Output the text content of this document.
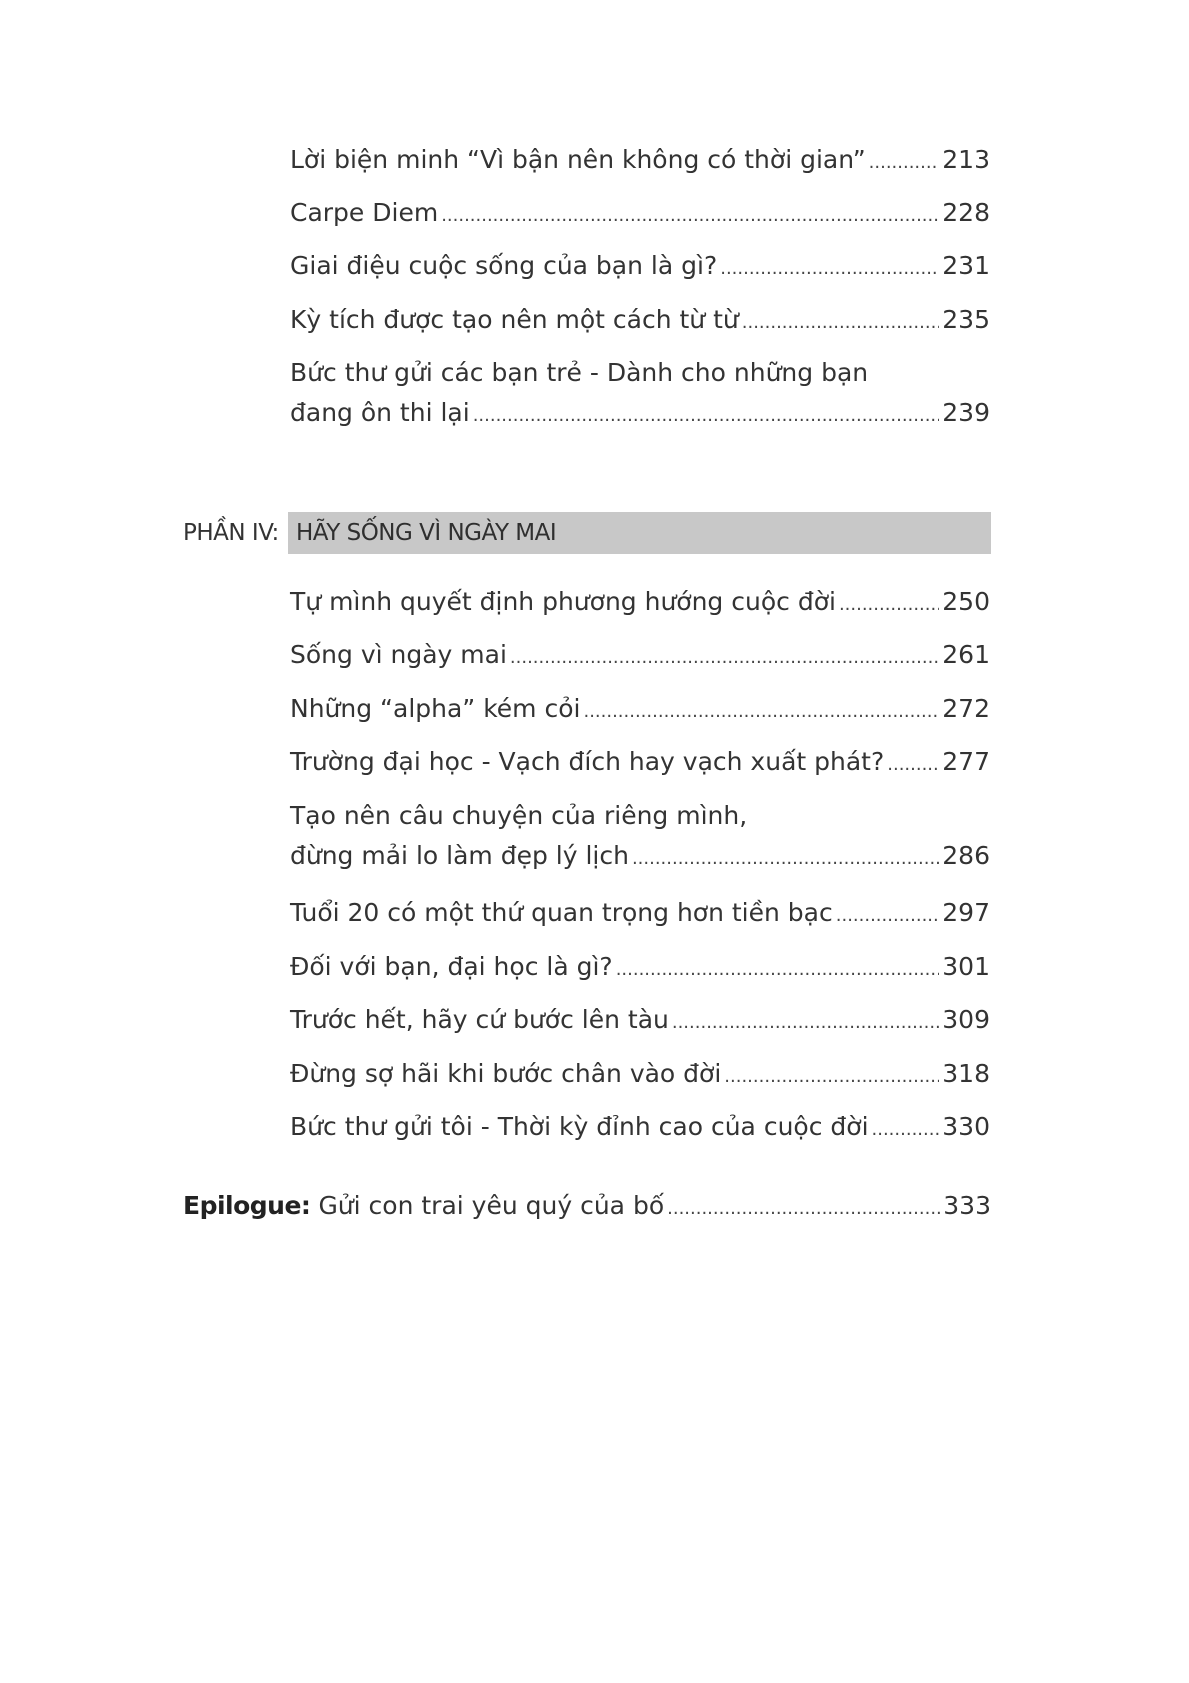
Lời biện minh “Vì bận nên không có thời gian” .....	213
Carpe Diem .....	228
Giai điệu cuộc sống của bạn là gì? .....	231
Kỳ tích được tạo nên một cách từ từ .....	235
Bức thư gửi các bạn trẻ - Dành cho những bạn
đang ôn thi lại .....	239
PHẦN IV: HÃY SỐNG VÌ NGÀY MAI
Tự mình quyết định phương hướng cuộc đời .....	250
Sống vì ngày mai .....	261
Những “alpha” kém cỏi .....	272
Trường đại học - Vạch đích hay vạch xuất phát? ..... 277
Tạo nên câu chuyện của riêng mình,
đừng mải lo làm đẹp lý lịch .....	286
Tuổi 20 có một thứ quan trọng hơn tiền bạc .....	297
Đối với bạn, đại học là gì? .....	301
Trước hết, hãy cứ bước lên tàu .....	309
Đừng sợ hãi khi bước chân vào đời .....	318
Bức thư gửi tôi - Thời kỳ đỉnh cao của cuộc đời .....	330
Epilogue: Gửi con trai yêu quý của bố .....	333
